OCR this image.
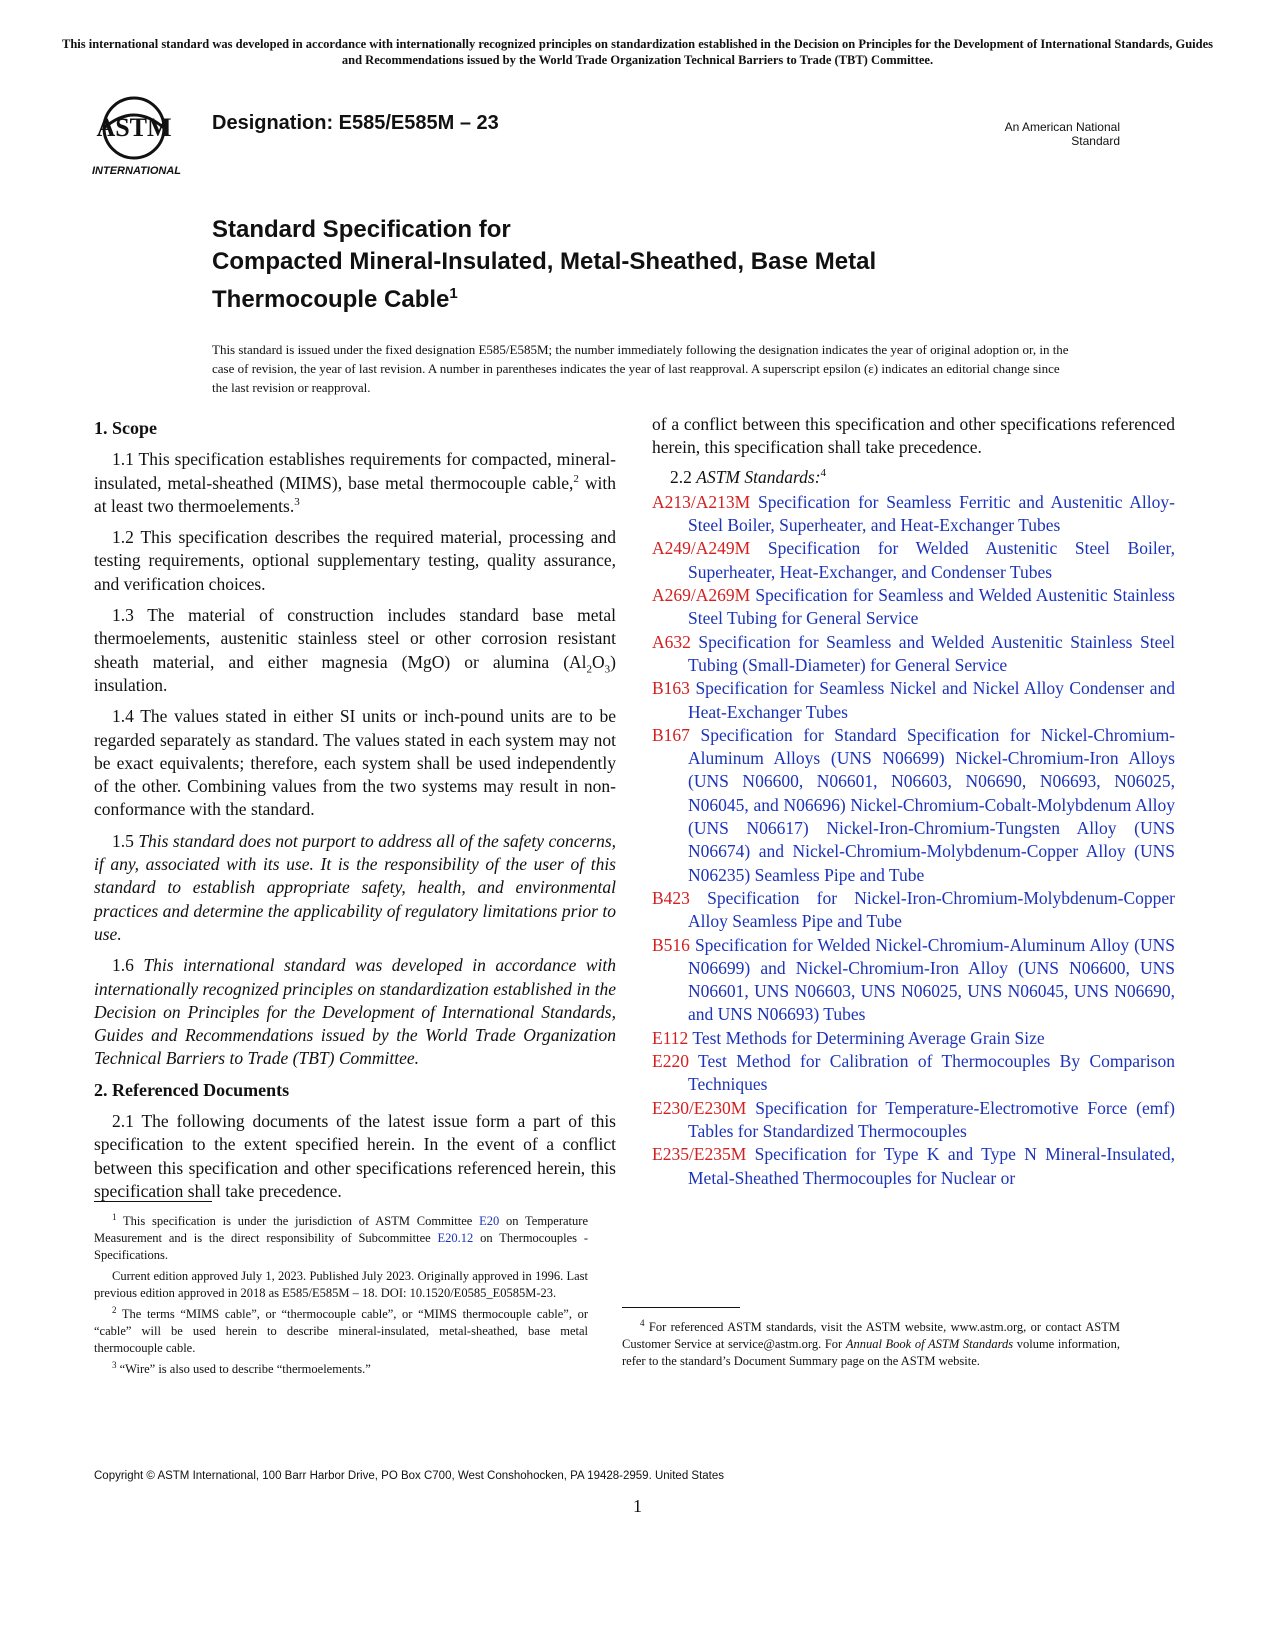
This international standard was developed in accordance with internationally recognized principles on standardization established in the Decision on Principles for the Development of International Standards, Guides and Recommendations issued by the World Trade Organization Technical Barriers to Trade (TBT) Committee.
ASTM
INTERNATIONAL
Designation: E585/E585M – 23	An American National Standard
Standard Specification for
Compacted Mineral-Insulated, Metal-Sheathed, Base Metal
Thermocouple Cable$^1$
This standard is issued under the fixed designation E585/E585M; the number immediately following the designation indicates the year of original adoption or, in the case of revision, the year of last revision. A number in parentheses indicates the year of last reapproval. A superscript epsilon (ε) indicates an editorial change since the last revision or reapproval.
1. Scope

1.1 This specification establishes requirements for compacted, mineral-insulated, metal-sheathed (MIMS), base metal thermocouple cable,$^2$ with at least two thermoelements.$^3$

1.2 This specification describes the required material, processing and testing requirements, optional supplementary testing, quality assurance, and verification choices.

1.3 The material of construction includes standard base metal thermoelements, austenitic stainless steel or other corrosion resistant sheath material, and either magnesia (MgO) or alumina $(Al_2O_3)$ insulation.

1.4 The values stated in either SI units or inch-pound units are to be regarded separately as standard. The values stated in each system may not be exact equivalents; therefore, each system shall be used independently of the other. Combining values from the two systems may result in non-conformance with the standard.

1.5 This standard does not purport to address all of the safety concerns, if any, associated with its use. It is the responsibility of the user of this standard to establish appropriate safety, health, and environmental practices and determine the applicability of regulatory limitations prior to use.

1.6 This international standard was developed in accordance with internationally recognized principles on standardization established in the Decision on Principles for the Development of International Standards, Guides and Recommendations issued by the World Trade Organization Technical Barriers to Trade (TBT) Committee.

2. Referenced Documents

2.1 The following documents of the latest issue form a part of this specification to the extent specified herein. In the event of a conflict between this specification and other specifications referenced herein, this specification shall take precedence.

of a conflict between this specification and other specifications referenced herein, this specification shall take precedence.

2.2 ASTM Standards:$^4$

A213/A213M Specification for Seamless Ferritic and Austenitic Alloy-Steel Boiler, Superheater, and Heat-Exchanger Tubes
A249/A249M Specification for Welded Austenitic Steel Boiler, Superheater, Heat-Exchanger, and Condenser Tubes
A269/A269M Specification for Seamless and Welded Austenitic Stainless Steel Tubing for General Service
A632 Specification for Seamless and Welded Austenitic Stainless Steel Tubing (Small-Diameter) for General Service
B163 Specification for Seamless Nickel and Nickel Alloy Condenser and Heat-Exchanger Tubes
B167 Specification for Standard Specification for Nickel-Chromium-Aluminum Alloys (UNS N06699) Nickel-Chromium-Iron Alloys (UNS N06600, N06601, N06603, N06690, N06693, N06025, N06045, and N06696) Nickel-Chromium-Cobalt-Molybdenum Alloy (UNS N06617) Nickel-Iron-Chromium-Tungsten Alloy (UNS N06674) and Nickel-Chromium-Molybdenum-Copper Alloy (UNS N06235) Seamless Pipe and Tube
B423 Specification for Nickel-Iron-Chromium-Molybdenum-Copper Alloy Seamless Pipe and Tube
B516 Specification for Welded Nickel-Chromium-Aluminum Alloy (UNS N06699) and Nickel-Chromium-Iron Alloy (UNS N06600, UNS N06601, UNS N06603, UNS N06025, UNS N06045, UNS N06690, and UNS N06693) Tubes
E112 Test Methods for Determining Average Grain Size
E220 Test Method for Calibration of Thermocouples By Comparison Techniques
E230/E230M Specification for Temperature-Electromotive Force (emf) Tables for Standardized Thermocouples
E235/E235M Specification for Type K and Type N Mineral-Insulated, Metal-Sheathed Thermocouples for Nuclear or

$^1$ This specification is under the jurisdiction of ASTM Committee E20 on Temperature Measurement and is the direct responsibility of Subcommittee E20.12 on Thermocouples - Specifications.

Current edition approved July 1, 2023. Published July 2023. Originally approved in 1996. Last previous edition approved in 2018 as E585/E585M – 18. DOI: 10.1520/E0585_E0585M-23.

$^2$ The terms “MIMS cable”, or “thermocouple cable”, or “MIMS thermocouple cable”, or “cable” will be used herein to describe mineral-insulated, metal-sheathed, base metal thermocouple cable.

$^3$ “Wire” is also used to describe “thermoelements.”

$^4$ For referenced ASTM standards, visit the ASTM website, www.astm.org, or contact ASTM Customer Service at service@astm.org. For Annual Book of ASTM Standards volume information, refer to the standard’s Document Summary page on the ASTM website.

Copyright © ASTM International, 100 Barr Harbor Drive, PO Box C700, West Conshohocken, PA 19428-2959. United States
1
